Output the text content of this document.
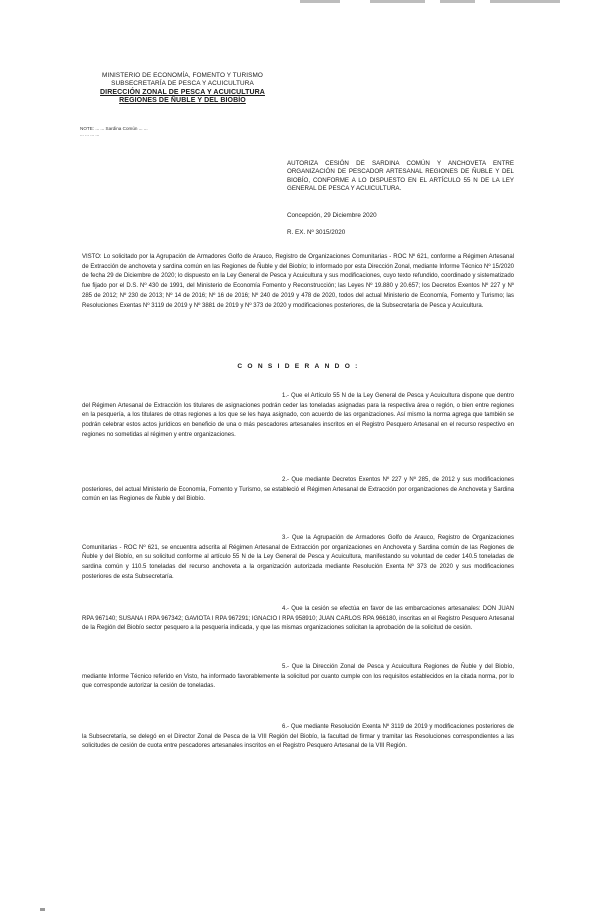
MINISTERIO DE ECONOMÍA, FOMENTO Y TURISMO
SUBSECRETARÍA DE PESCA Y ACUICULTURA
DIRECCIÓN ZONAL DE PESCA Y ACUICULTURA
REGIONES DE ÑUBLE Y DEL BIOBÍO
NOTE: ... ... Sardina Común ... ...
... ... ... ...
AUTORIZA CESIÓN DE SARDINA COMÚN Y ANCHOVETA ENTRE ORGANIZACIÓN DE PESCADOR ARTESANAL REGIONES DE ÑUBLE Y DEL BIOBÍO, CONFORME A LO DISPUESTO EN EL ARTÍCULO 55 N DE LA LEY GENERAL DE PESCA Y ACUICULTURA.
Concepción, 29 Diciembre 2020
R. EX. Nº 3015/2020
VISTO: Lo solicitado por la Agrupación de Armadores Golfo de Arauco, Registro de Organizaciones Comunitarias - ROC Nº 621, conforme a Régimen Artesanal de Extracción de anchoveta y sardina común en las Regiones de Ñuble y del Biobío; lo informado por esta Dirección Zonal, mediante Informe Técnico Nº 15/2020 de fecha 29 de Diciembre de 2020; lo dispuesto en la Ley General de Pesca y Acuicultura y sus modificaciones, cuyo texto refundido, coordinado y sistematizado fue fijado por el D.S. Nº 430 de 1991, del Ministerio de Economía Fomento y Reconstrucción; las Leyes Nº 19.880 y 20.657; los Decretos Exentos Nº 227 y Nº 285 de 2012; Nº 230 de 2013; Nº 14 de 2016; Nº 16 de 2016; Nº 240 de 2019 y 478 de 2020, todos del actual Ministerio de Economía, Fomento y Turismo; las Resoluciones Exentas Nº 3119 de 2019 y Nº 3881 de 2019 y Nº 373 de 2020 y modificaciones posteriores, de la Subsecretaría de Pesca y Acuicultura.
CONSIDERANDO:
1.- Que el Artículo 55 N de la Ley General de Pesca y Acuicultura dispone que dentro del Régimen Artesanal de Extracción los titulares de asignaciones podrán ceder las toneladas asignadas para la respectiva área o región, o bien entre regiones en la pesquería, a los titulares de otras regiones a los que se les haya asignado, con acuerdo de las organizaciones. Así mismo la norma agrega que también se podrán celebrar estos actos jurídicos en beneficio de una o más pescadores artesanales inscritos en el Registro Pesquero Artesanal en el recurso respectivo en regiones no sometidas al régimen y entre organizaciones.
2.- Que mediante Decretos Exentos Nº 227 y Nº 285, de 2012 y sus modificaciones posteriores, del actual Ministerio de Economía, Fomento y Turismo, se estableció el Régimen Artesanal de Extracción por organizaciones de Anchoveta y Sardina común en las Regiones de Ñuble y del Biobío.
3.- Que la Agrupación de Armadores Golfo de Arauco, Registro de Organizaciones Comunitarias - ROC Nº 621, se encuentra adscrita al Régimen Artesanal de Extracción por organizaciones en Anchoveta y Sardina común de las Regiones de Ñuble y del Biobío, en su solicitud conforme al artículo 55 N de la Ley General de Pesca y Acuicultura, manifestando su voluntad de ceder 140.5 toneladas de sardina común y 110.5 toneladas del recurso anchoveta a la organización autorizada mediante Resolución Exenta Nº 373 de 2020 y sus modificaciones posteriores de esta Subsecretaría.
4.- Que la cesión se efectúa en favor de las embarcaciones artesanales: DON JUAN RPA 967140; SUSANA I RPA 967342; GAVIOTA I RPA 967291; IGNACIO I RPA 958910; JUAN CARLOS RPA 966180, inscritas en el Registro Pesquero Artesanal de la Región del Biobío sector pesquero a la pesquería indicada, y que las mismas organizaciones solicitan la aprobación de la solicitud de cesión.
5.- Que la Dirección Zonal de Pesca y Acuicultura Regiones de Ñuble y del Biobío, mediante Informe Técnico referido en Visto, ha informado favorablemente la solicitud por cuanto cumple con los requisitos establecidos en la citada norma, por lo que corresponde autorizar la cesión de toneladas.
6.- Que mediante Resolución Exenta Nº 3119 de 2019 y modificaciones posteriores de la Subsecretaría, se delegó en el Director Zonal de Pesca de la VIII Región del Biobío, la facultad de firmar y tramitar las Resoluciones correspondientes a las solicitudes de cesión de cuota entre pescadores artesanales inscritos en el Registro Pesquero Artesanal de la VIII Región.
